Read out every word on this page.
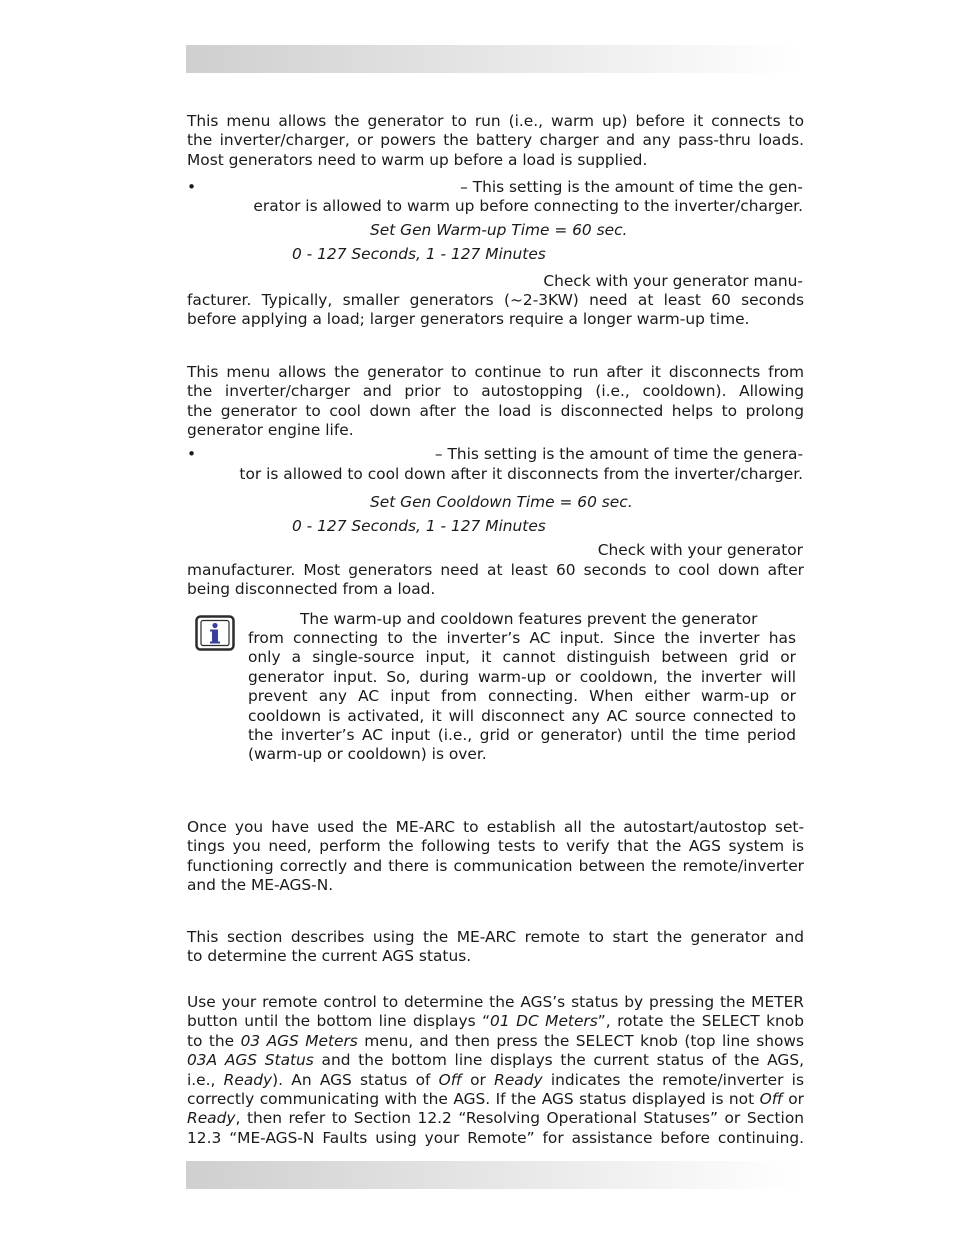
This menu allows the generator to run (i.e., warm up) before it connects to
the inverter/charger, or powers the battery charger and any pass-thru loads.
Most generators need to warm up before a load is supplied.
•	– This setting is the amount of time the gen-
erator is allowed to warm up before connecting to the inverter/charger.
Set Gen Warm-up Time = 60 sec.
0 - 127 Seconds, 1 - 127 Minutes
Check with your generator manu-
facturer. Typically, smaller generators (~2-3KW) need at least 60 seconds
before applying a load; larger generators require a longer warm-up time.
This menu allows the generator to continue to run after it disconnects from
the inverter/charger and prior to autostopping (i.e., cooldown). Allowing
the generator to cool down after the load is disconnected helps to prolong
generator engine life.
•	– This setting is the amount of time the genera-
tor is allowed to cool down after it disconnects from the inverter/charger.
Set Gen Cooldown Time = 60 sec.
0 - 127 Seconds, 1 - 127 Minutes
Check with your generator
manufacturer. Most generators need at least 60 seconds to cool down after
being disconnected from a load.
The warm-up and cooldown features prevent the generator
from connecting to the inverter’s AC input. Since the inverter has
only a single-source input, it cannot distinguish between grid or
generator input. So, during warm-up or cooldown, the inverter will
prevent any AC input from connecting. When either warm-up or
cooldown is activated, it will disconnect any AC source connected to
the inverter’s AC input (i.e., grid or generator) until the time period
(warm-up or cooldown) is over.
Once you have used the ME-ARC to establish all the autostart/autostop set-
tings you need, perform the following tests to verify that the AGS system is
functioning correctly and there is communication between the remote/inverter
and the ME-AGS-N.
This section describes using the ME-ARC remote to start the generator and
to determine the current AGS status.
Use your remote control to determine the AGS’s status by pressing the METER
button until the bottom line displays “01 DC Meters”, rotate the SELECT knob
to the 03 AGS Meters menu, and then press the SELECT knob (top line shows
03A AGS Status and the bottom line displays the current status of the AGS,
i.e., Ready). An AGS status of Off or Ready indicates the remote/inverter is
correctly communicating with the AGS. If the AGS status displayed is not Off or
Ready, then refer to Section 12.2 “Resolving Operational Statuses” or Section
12.3 “ME-AGS-N Faults using your Remote” for assistance before continuing.
